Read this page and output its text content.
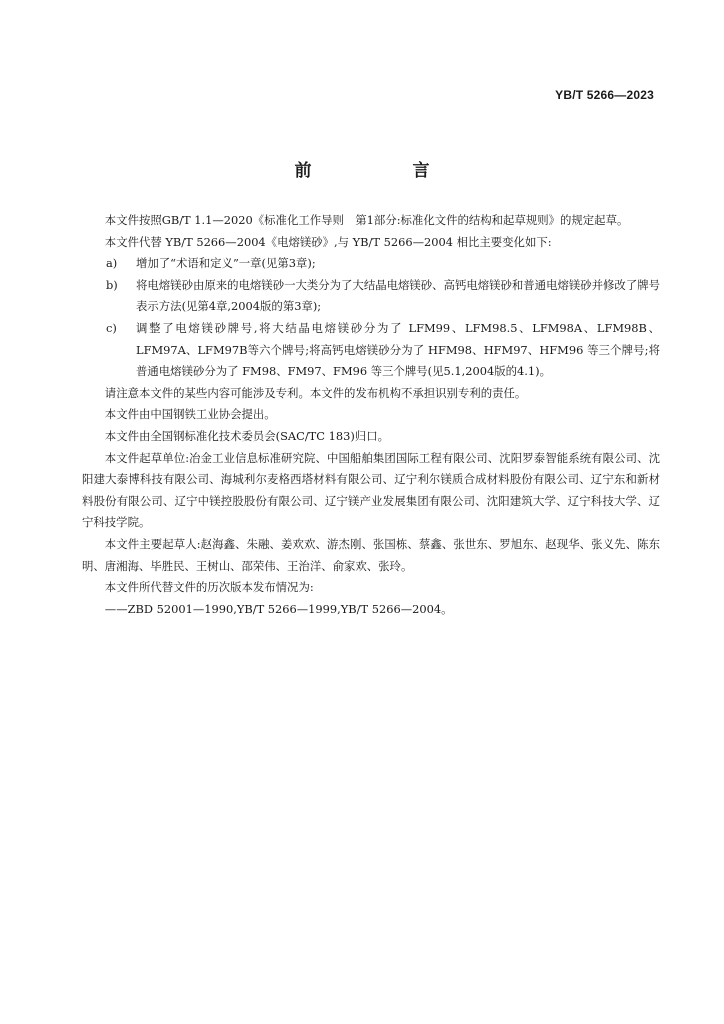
YB/T 5266—2023
前　言

本文件按照GB/T 1.1—2020《标准化工作导则　第1部分:标准化文件的结构和起草规则》的规定起草。

本文件代替 YB/T 5266—2004《电熔镁砂》,与 YB/T 5266—2004 相比主要变化如下:

a)	增加了“术语和定义”一章(见第3章);
b)	将电熔镁砂由原来的电熔镁砂一大类分为了大结晶电熔镁砂、高钙电熔镁砂和普通电熔镁砂并修改了牌号表示方法(见第4章,2004版的第3章);
c)	调整了电熔镁砂牌号,将大结晶电熔镁砂分为了 LFM99、LFM98.5、LFM98A、LFM98B、LFM97A、LFM97B等六个牌号;将高钙电熔镁砂分为了 HFM98、HFM97、HFM96 等三个牌号;将普通电熔镁砂分为了 FM98、FM97、FM96 等三个牌号(见5.1,2004版的4.1)。

请注意本文件的某些内容可能涉及专利。本文件的发布机构不承担识别专利的责任。

本文件由中国钢铁工业协会提出。

本文件由全国钢标准化技术委员会(SAC/TC 183)归口。

本文件起草单位:冶金工业信息标准研究院、中国船舶集团国际工程有限公司、沈阳罗泰智能系统有限公司、沈阳建大泰博科技有限公司、海城利尔麦格西塔材料有限公司、辽宁利尔镁质合成材料股份有限公司、辽宁东和新材料股份有限公司、辽宁中镁控股股份有限公司、辽宁镁产业发展集团有限公司、沈阳建筑大学、辽宁科技大学、辽宁科技学院。

本文件主要起草人:赵海鑫、朱融、姜欢欢、游杰刚、张国栋、蔡鑫、张世东、罗旭东、赵现华、张义先、陈东明、唐湘海、毕胜民、王树山、邵荣伟、王治洋、俞家欢、张玲。

本文件所代替文件的历次版本发布情况为:

——ZBD 52001—1990,YB/T 5266—1999,YB/T 5266—2004。
